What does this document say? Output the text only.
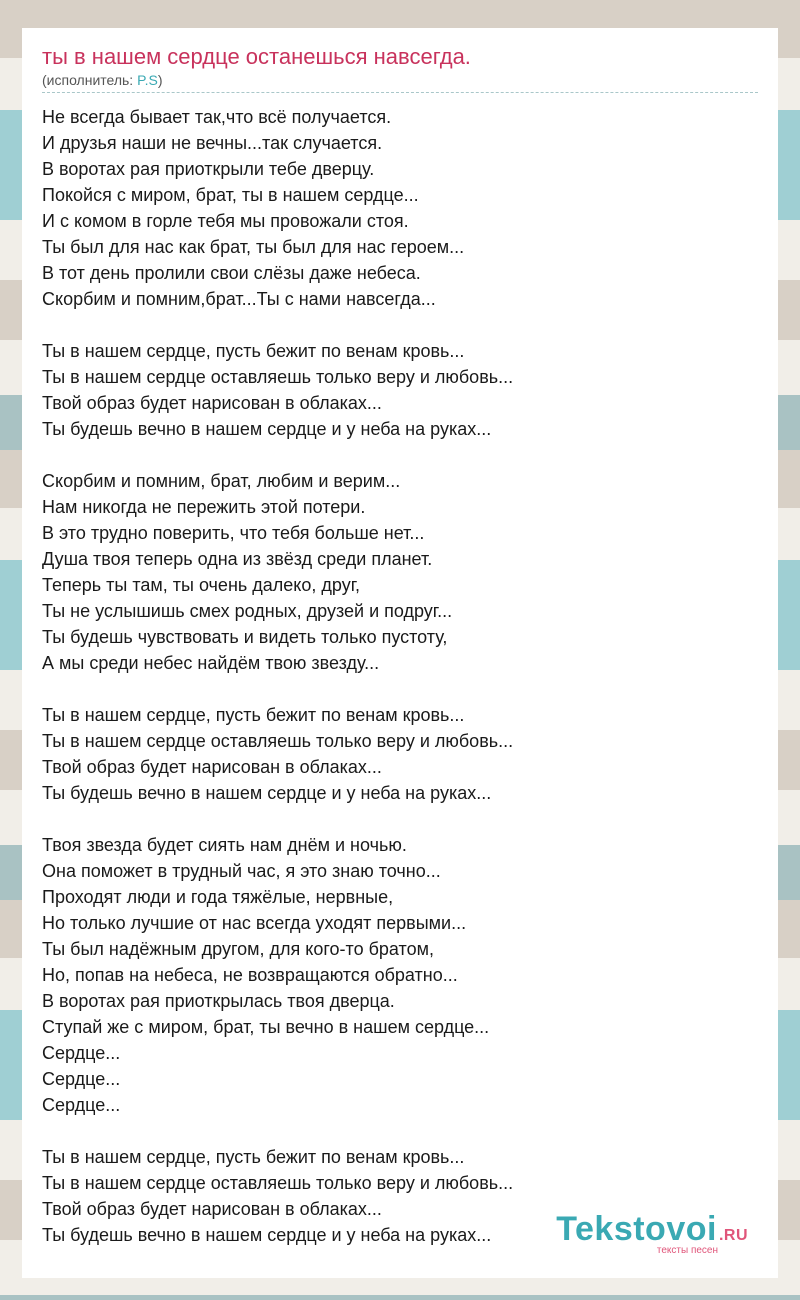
ты в нашем сердце останешься навсегда.
(исполнитель: P.S)
Не всегда бывает так,что всё получается.
И друзья наши не вечны...так случается.
В воротах рая приоткрыли тебе дверцу.
Покойся с миром, брат, ты в нашем сердце...
И с комом в горле тебя мы провожали стоя.
Ты был для нас как брат, ты был для нас героем...
В тот день пролили свои слёзы даже небеса.
Скорбим и помним,брат...Ты с нами навсегда...
Ты в нашем сердце, пусть бежит по венам кровь...
Ты в нашем сердце оставляешь только веру и любовь...
Твой образ будет нарисован в облаках...
Ты будешь вечно в нашем сердце и у неба на руках...
Скорбим и помним, брат, любим и верим...
Нам никогда не пережить этой потери.
В это трудно поверить, что тебя больше нет...
Душа твоя теперь одна из звёзд среди планет.
Теперь ты там, ты очень далеко, друг,
Ты не услышишь смех родных, друзей и подруг...
Ты будешь чувствовать и видеть только пустоту,
А мы среди небес найдём твою звезду...
Ты в нашем сердце, пусть бежит по венам кровь...
Ты в нашем сердце оставляешь только веру и любовь...
Твой образ будет нарисован в облаках...
Ты будешь вечно в нашем сердце и у неба на руках...
Твоя звезда будет сиять нам днём и ночью.
Она поможет в трудный час, я это знаю точно...
Проходят люди и года тяжёлые, нервные,
Но только лучшие от нас всегда уходят первыми...
Ты был надёжным другом, для кого-то братом,
Но, попав на небеса, не возвращаются обратно...
В воротах рая приоткрылась твоя дверца.
Ступай же с миром, брат, ты вечно в нашем сердце...
Сердце...
Сердце...
Сердце...
Ты в нашем сердце, пусть бежит по венам кровь...
Ты в нашем сердце оставляешь только веру и любовь...
Твой образ будет нарисован в облаках...
Ты будешь вечно в нашем сердце и у неба на руках...	Tekstovoi .RU
тексты песен
